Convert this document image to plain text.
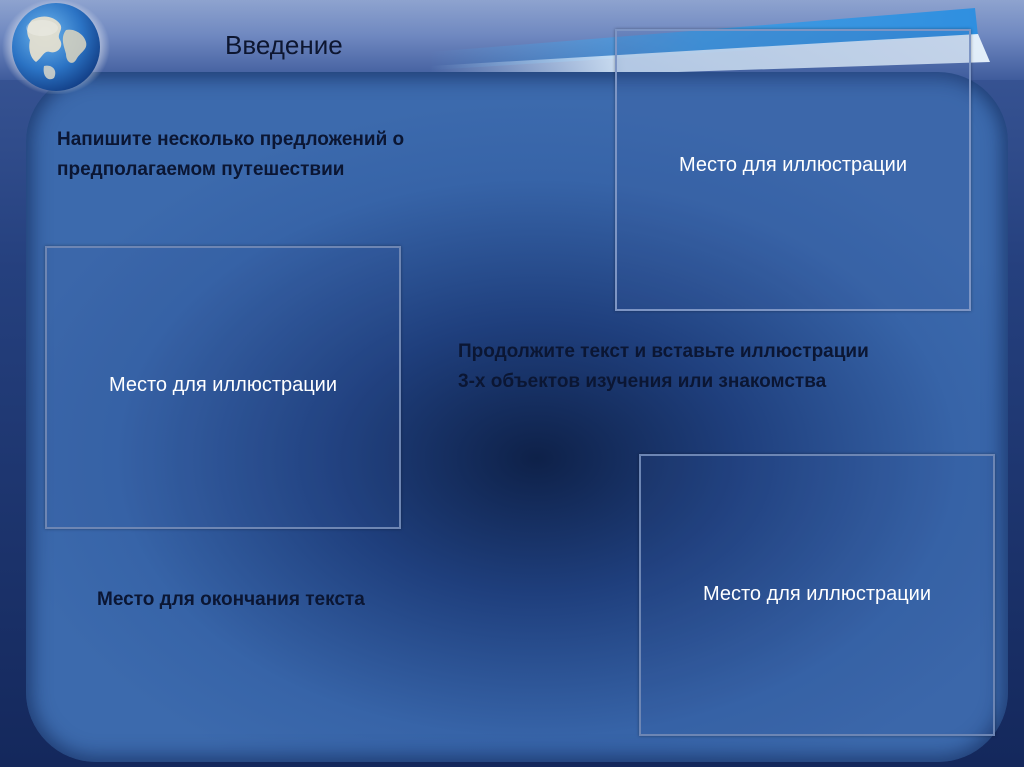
Введение

Напишите несколько предложений о предполагаемом путешествии	Место для иллюстрации
Место для иллюстрации
Продолжите текст и вставьте иллюстрации
3-х объектов изучения или знакомства

Место для окончания текста	Место для иллюстрации
